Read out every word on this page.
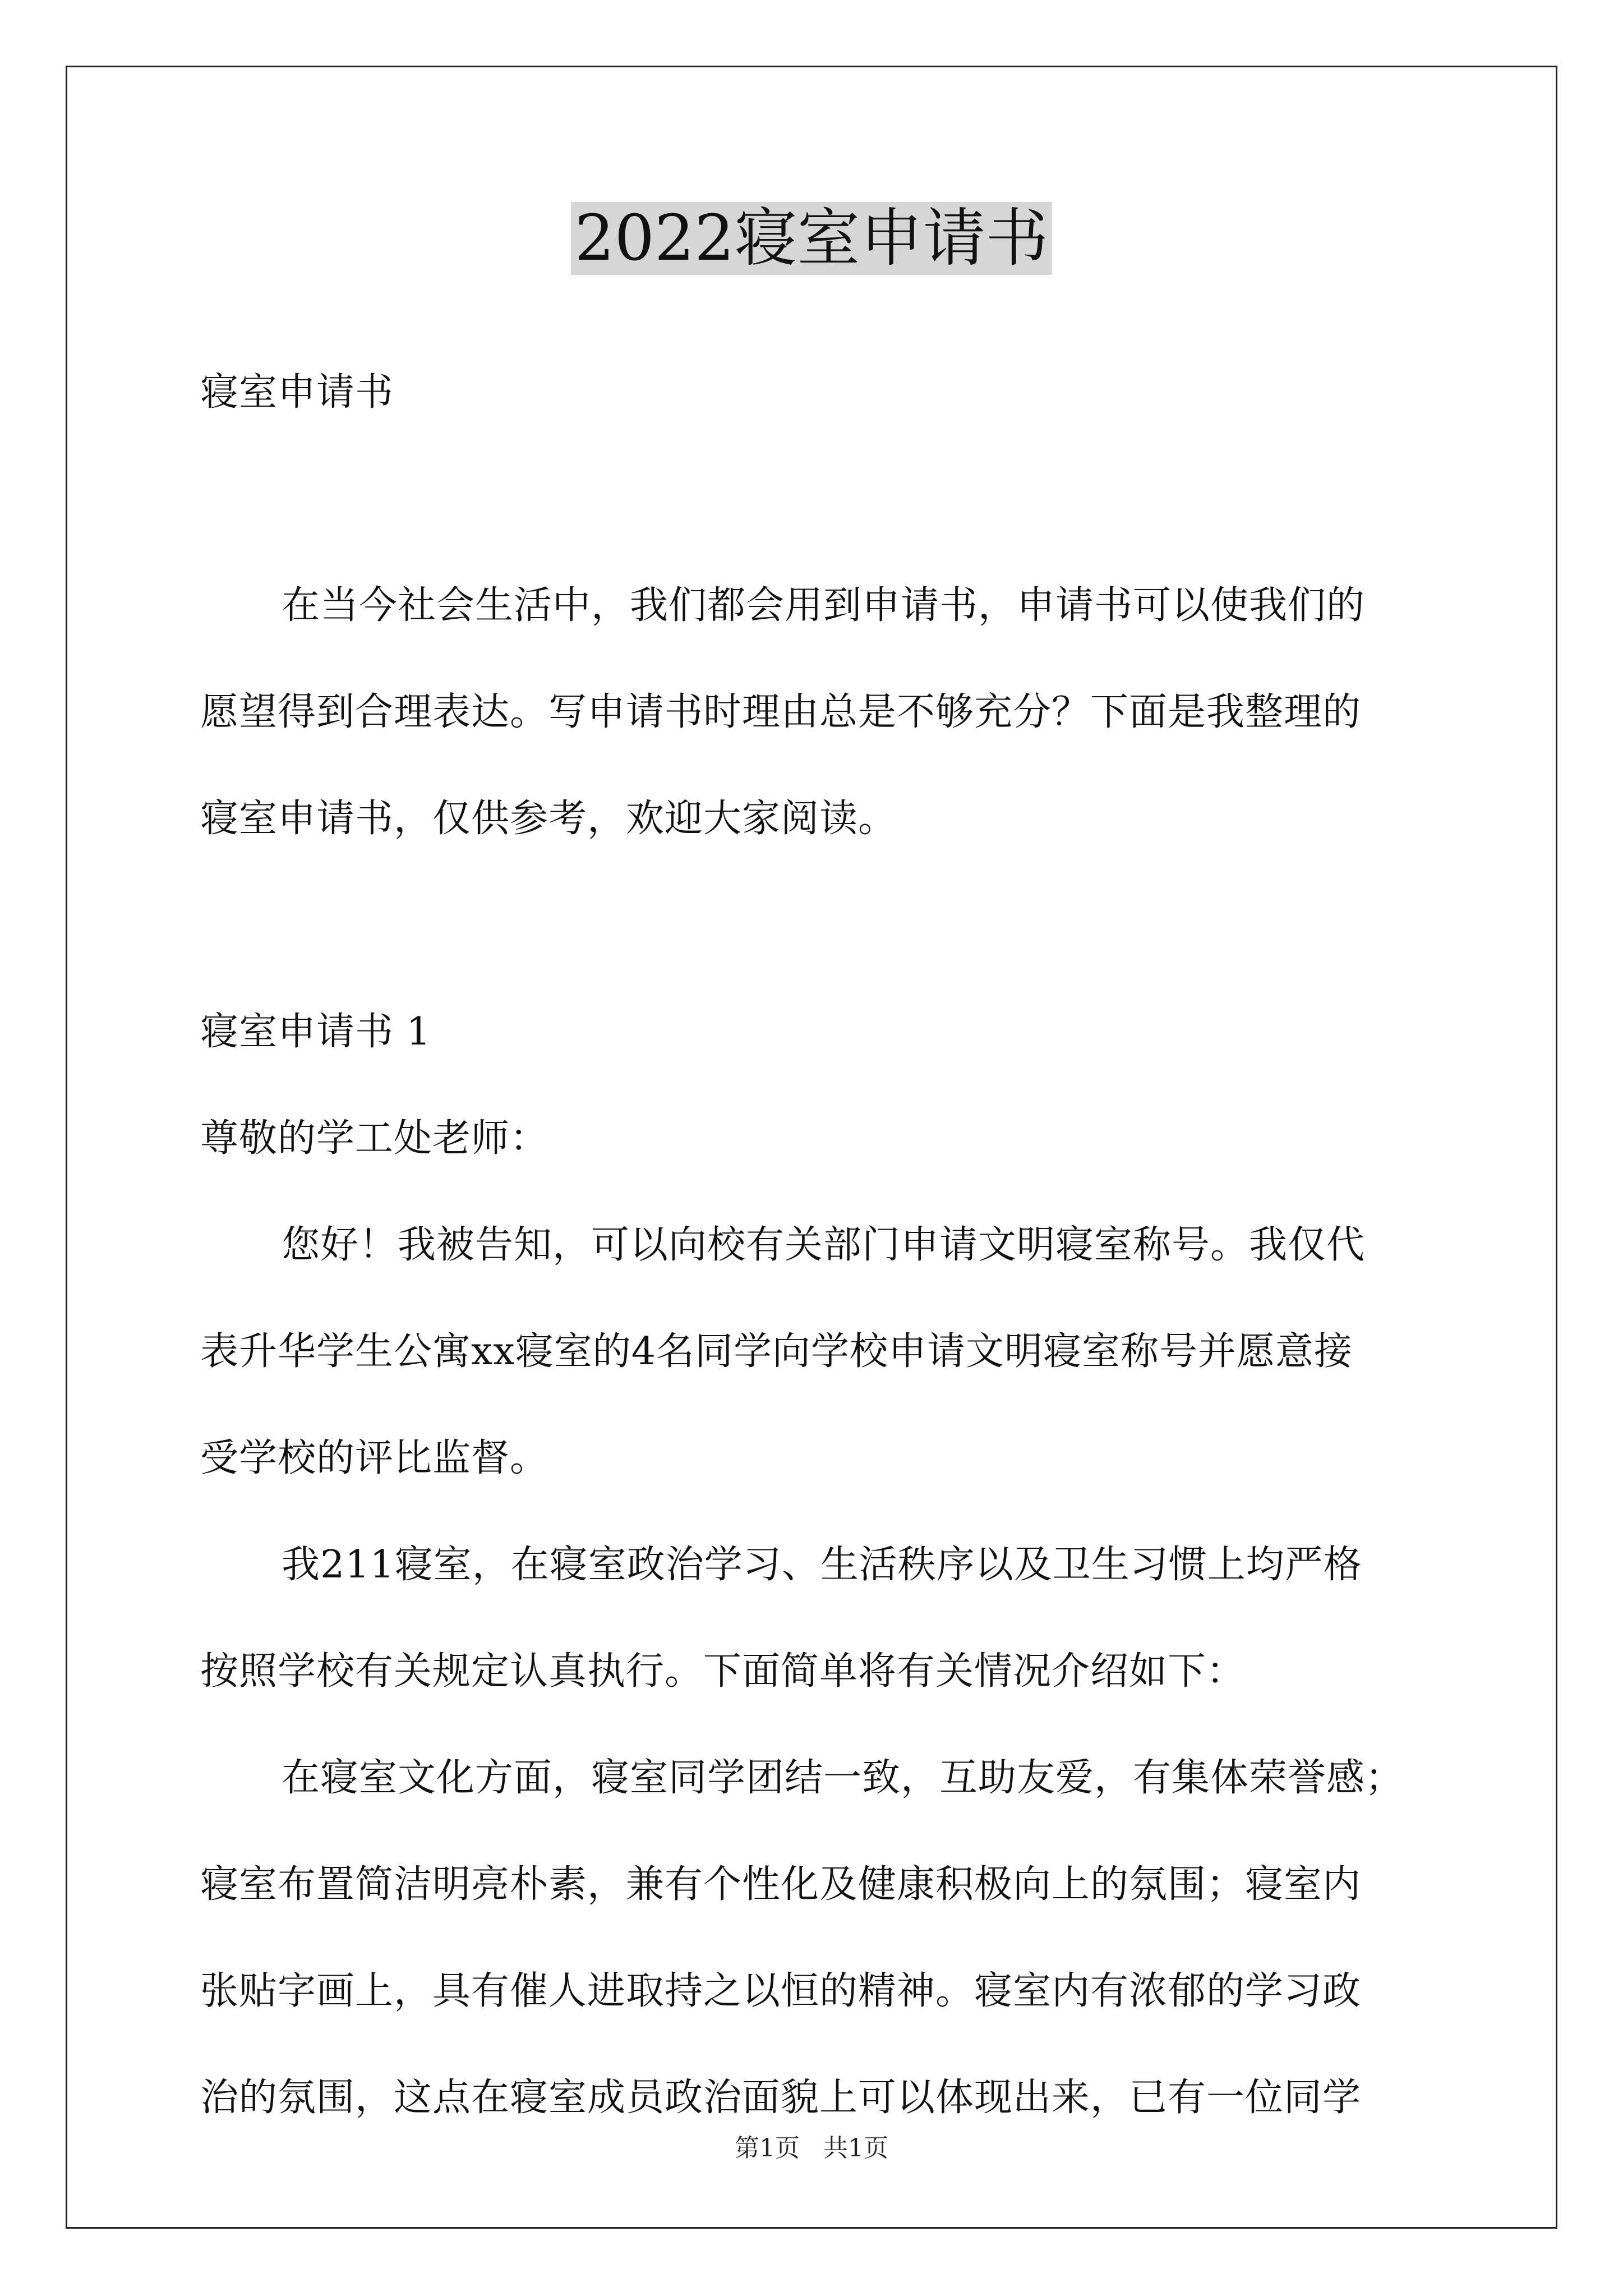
2022寝室申请书

寝室申请书

在当今社会生活中，我们都会用到申请书，申请书可以使我们的
愿望得到合理表达。写申请书时理由总是不够充分？下面是我整理的
寝室申请书，仅供参考，欢迎大家阅读。

寝室申请书 1

尊敬的学工处老师：

您好！我被告知，可以向校有关部门申请文明寝室称号。我仅代
表升华学生公寓xx寝室的4名同学向学校申请文明寝室称号并愿意接
受学校的评比监督。

我211寝室，在寝室政治学习、生活秩序以及卫生习惯上均严格
按照学校有关规定认真执行。下面简单将有关情况介绍如下：

在寝室文化方面，寝室同学团结一致，互助友爱，有集体荣誉感；
寝室布置简洁明亮朴素，兼有个性化及健康积极向上的氛围；寝室内
张贴字画上，具有催人进取持之以恒的精神。寝室内有浓郁的学习政
治的氛围，这点在寝室成员政治面貌上可以体现出来，已有一位同学

第1页   共1页
